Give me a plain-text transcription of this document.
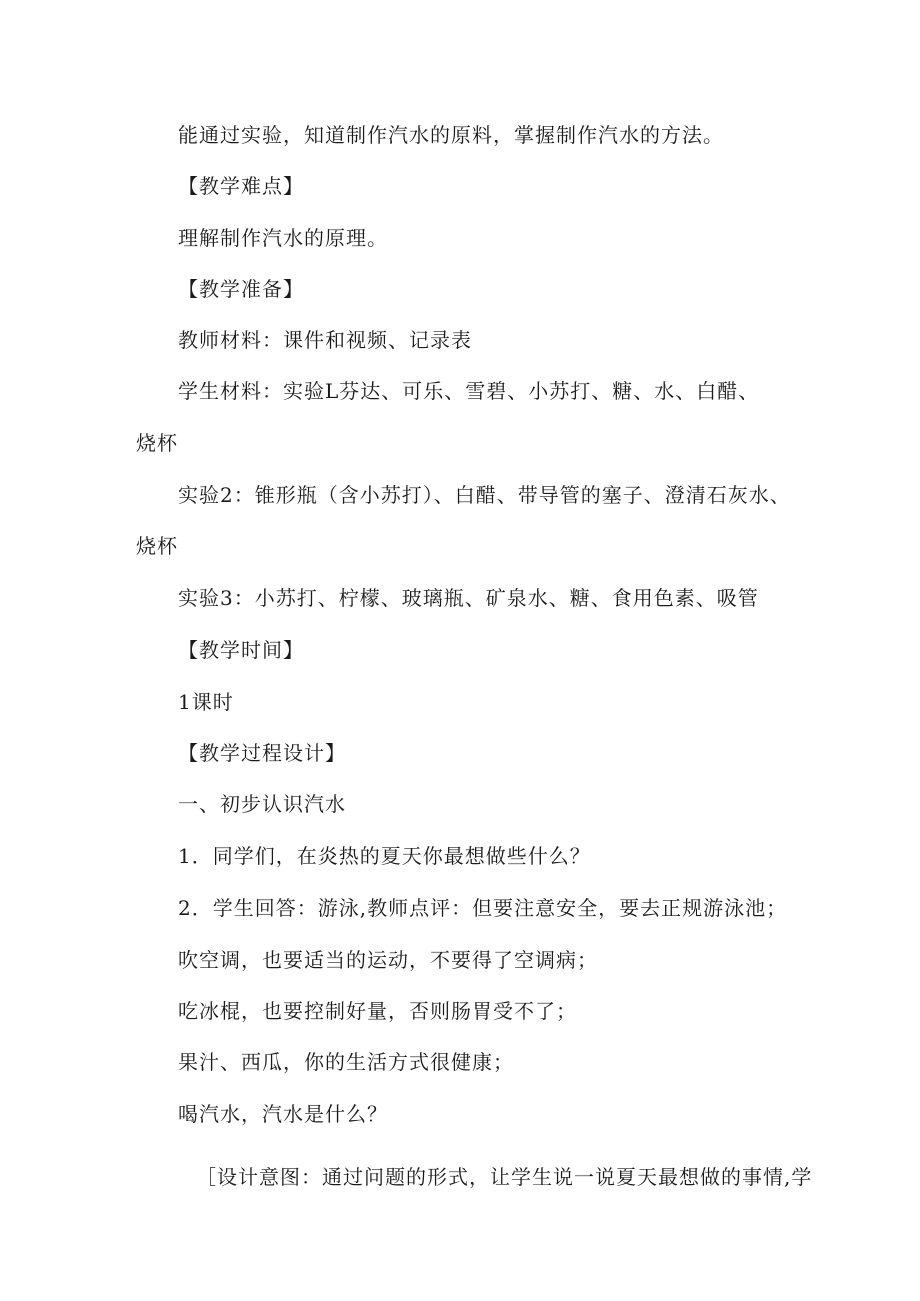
能通过实验，知道制作汽水的原料，掌握制作汽水的方法。

【教学难点】

理解制作汽水的原理。

【教学准备】

教师材料：课件和视频、记录表

学生材料：实验L芬达、可乐、雪碧、小苏打、糖、水、白醋、

烧杯

实验2：锥形瓶（含小苏打）、白醋、带导管的塞子、澄清石灰水、

烧杯

实验3：小苏打、柠檬、玻璃瓶、矿泉水、糖、食用色素、吸管

【教学时间】

1课时

【教学过程设计】

一、初步认识汽水

1．同学们，在炎热的夏天你最想做些什么？

2．学生回答：游泳,教师点评：但要注意安全，要去正规游泳池；

吹空调，也要适当的运动，不要得了空调病；

吃冰棍，也要控制好量，否则肠胃受不了；

果汁、西瓜，你的生活方式很健康；

喝汽水，汽水是什么？

［设计意图：通过问题的形式，让学生说一说夏天最想做的事情,学
